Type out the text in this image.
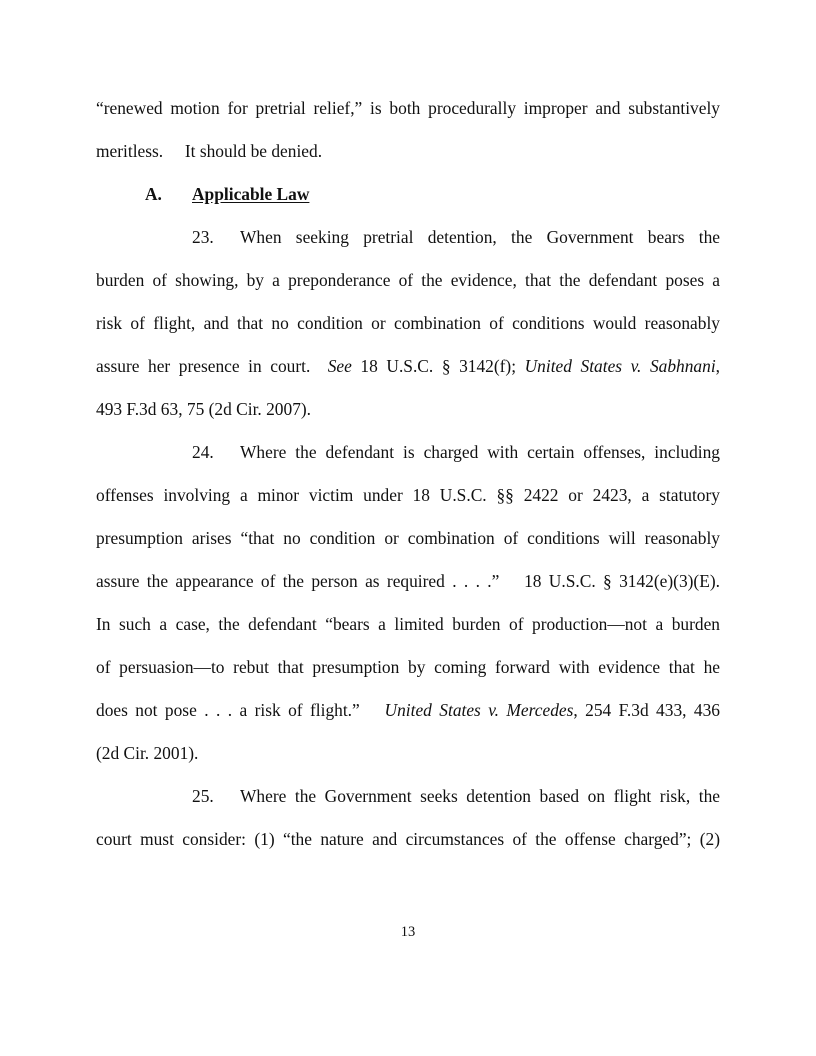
“renewed motion for pretrial relief,” is both procedurally improper and substantively
meritless.  It should be denied.
A. Applicable Law
23. When seeking pretrial detention, the Government bears the
burden of showing, by a preponderance of the evidence, that the defendant poses a
risk of flight, and that no condition or combination of conditions would reasonably
assure her presence in court. See 18 U.S.C. § 3142(f); United States v. Sabhnani,
493 F.3d 63, 75 (2d Cir. 2007).
24. Where the defendant is charged with certain offenses, including
offenses involving a minor victim under 18 U.S.C. §§ 2422 or 2423, a statutory
presumption arises “that no condition or combination of conditions will reasonably
assure the appearance of the person as required . . . .”  18 U.S.C. § 3142(e)(3)(E).
In such a case, the defendant “bears a limited burden of production—not a burden
of persuasion—to rebut that presumption by coming forward with evidence that he
does not pose . . . a risk of flight.”  United States v. Mercedes, 254 F.3d 433, 436
(2d Cir. 2001).
25. Where the Government seeks detention based on flight risk, the
court must consider: (1) “the nature and circumstances of the offense charged”; (2)
13
